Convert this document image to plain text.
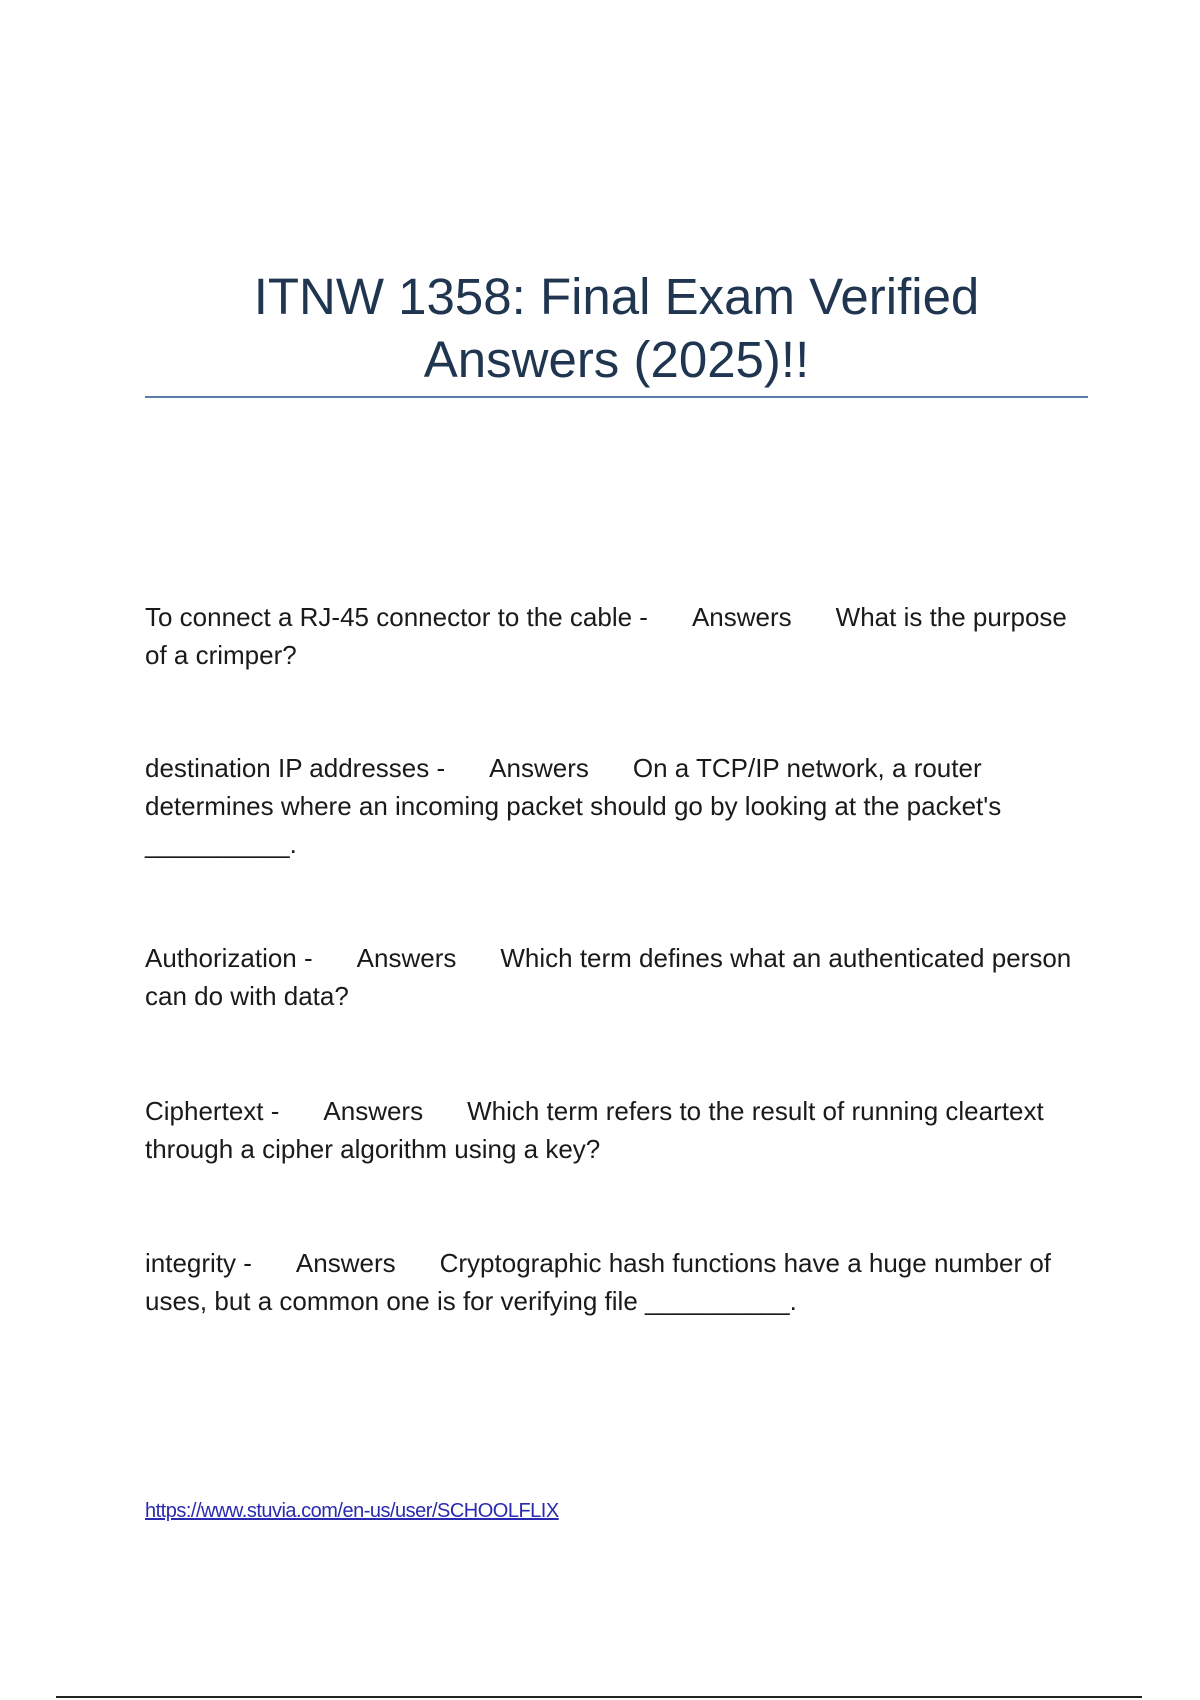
ITNW 1358: Final Exam Verified
Answers (2025)!!
To connect a RJ-45 connector to the cable - Answers What is the purpose of a crimper?
destination IP addresses - Answers On a TCP/IP network, a router determines where an incoming packet should go by looking at the packet's __________.
Authorization - Answers Which term defines what an authenticated person can do with data?
Ciphertext - Answers Which term refers to the result of running cleartext through a cipher algorithm using a key?
integrity - Answers Cryptographic hash functions have a huge number of uses, but a common one is for verifying file __________.
https://www.stuvia.com/en-us/user/SCHOOLFLIX
